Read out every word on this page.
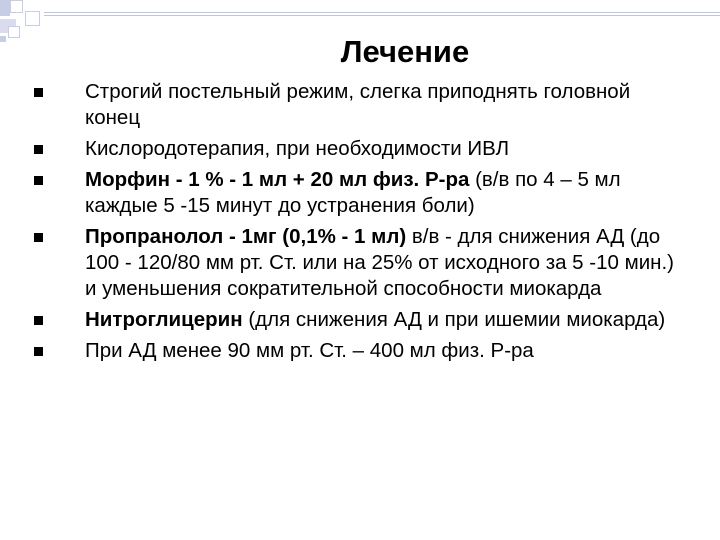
Лечение
Строгий постельный режим, слегка приподнять головной конец
Кислородотерапия, при необходимости ИВЛ
Морфин - 1 % - 1 мл + 20 мл физ. Р-ра (в/в по 4 – 5 мл каждые 5 -15 минут до устранения боли)
Пропранолол - 1мг (0,1% - 1 мл) в/в - для снижения АД (до 100 - 120/80 мм рт. Ст. или на 25% от исходного за 5 -10 мин.) и уменьшения сократительной способности миокарда
Нитроглицерин (для снижения АД и при ишемии миокарда)
При АД менее 90 мм рт. Ст. – 400 мл физ. Р-ра
